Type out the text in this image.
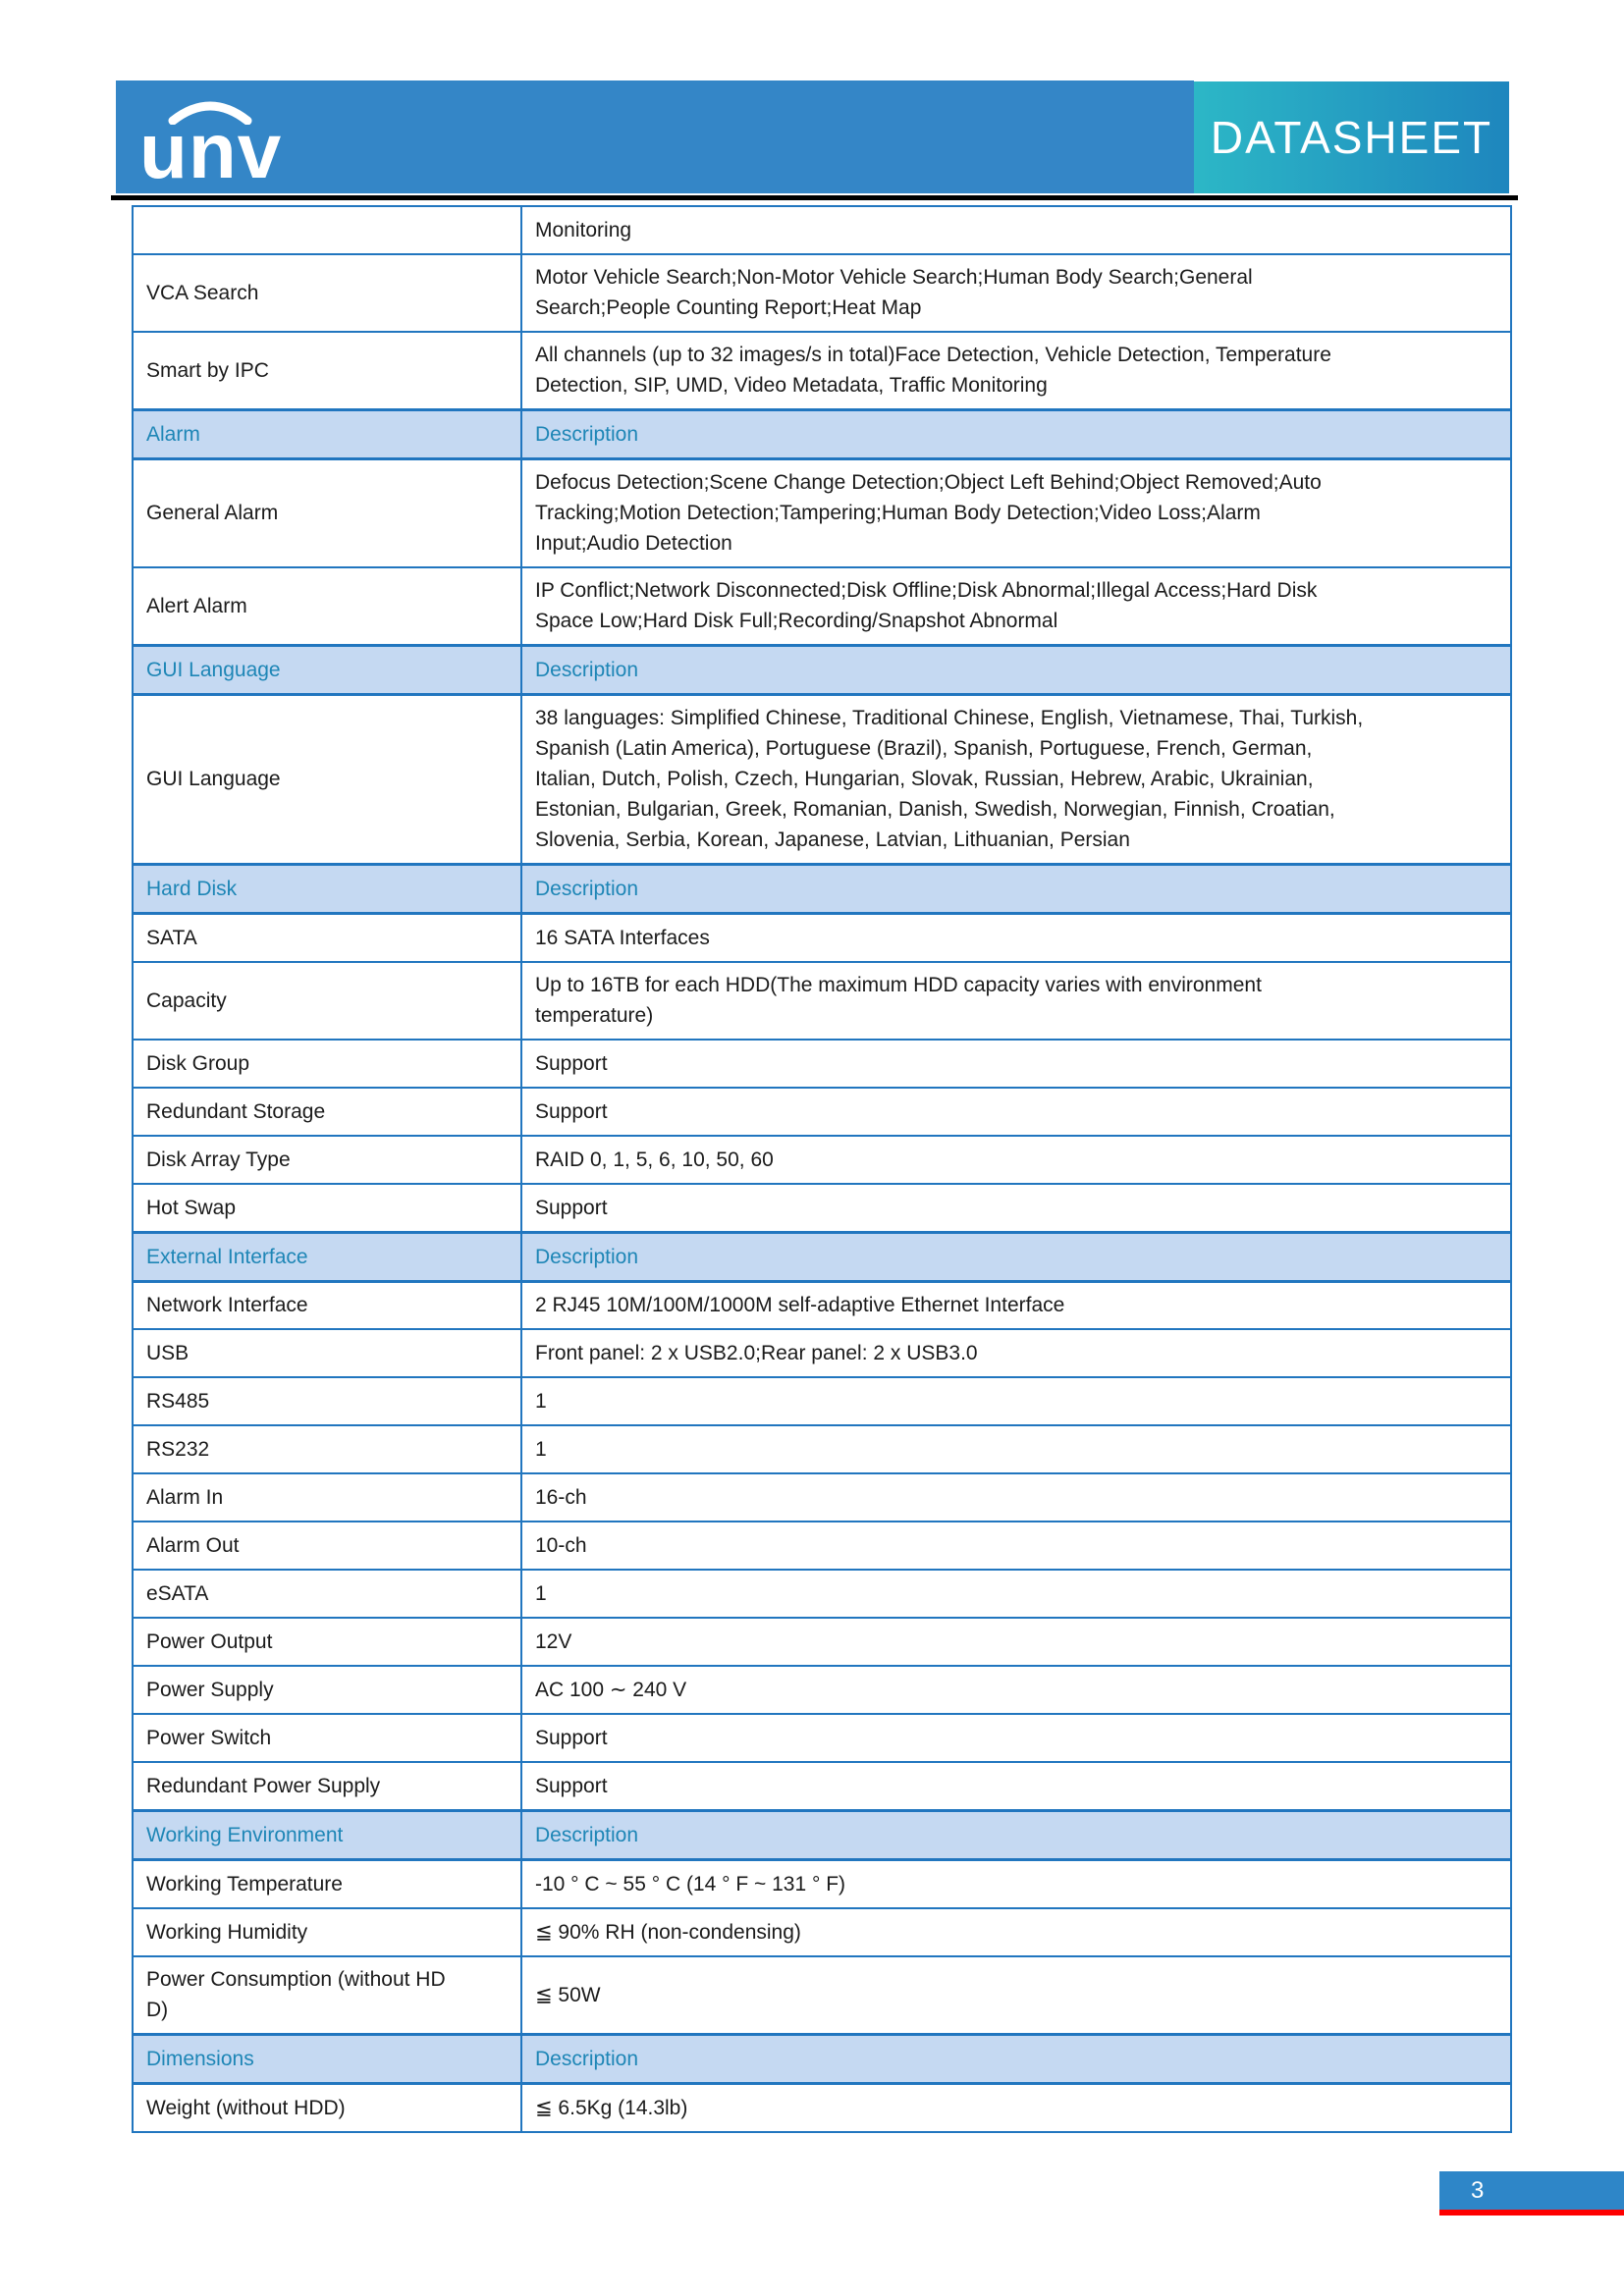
unv	DATASHEET
	Monitoring
VCA Search	Motor Vehicle Search;Non-Motor Vehicle Search;Human Body Search;General Search;People Counting Report;Heat Map
Smart by IPC	All channels (up to 32 images/s in total)Face Detection, Vehicle Detection, Temperature Detection, SIP, UMD, Video Metadata, Traffic Monitoring
Alarm	Description
General Alarm	Defocus Detection;Scene Change Detection;Object Left Behind;Object Removed;Auto Tracking;Motion Detection;Tampering;Human Body Detection;Video Loss;Alarm Input;Audio Detection
Alert Alarm	IP Conflict;Network Disconnected;Disk Offline;Disk Abnormal;Illegal Access;Hard Disk Space Low;Hard Disk Full;Recording/Snapshot Abnormal
GUI Language	Description
GUI Language	38 languages: Simplified Chinese, Traditional Chinese, English, Vietnamese, Thai, Turkish, Spanish (Latin America), Portuguese (Brazil), Spanish, Portuguese, French, German, Italian, Dutch, Polish, Czech, Hungarian, Slovak, Russian, Hebrew, Arabic, Ukrainian, Estonian, Bulgarian, Greek, Romanian, Danish, Swedish, Norwegian, Finnish, Croatian, Slovenia, Serbia, Korean, Japanese, Latvian, Lithuanian, Persian
Hard Disk	Description
SATA	16 SATA Interfaces
Capacity	Up to 16TB for each HDD(The maximum HDD capacity varies with environment temperature)
Disk Group	Support
Redundant Storage	Support
Disk Array Type	RAID 0, 1, 5, 6, 10, 50, 60
Hot Swap	Support
External Interface	Description
Network Interface	2 RJ45 10M/100M/1000M self-adaptive Ethernet Interface
USB	Front panel: 2 x USB2.0;Rear panel: 2 x USB3.0
RS485	1
RS232	1
Alarm In	16-ch
Alarm Out	10-ch
eSATA	1
Power Output	12V
Power Supply	AC 100 ∼ 240 V
Power Switch	Support
Redundant Power Supply	Support
Working Environment	Description
Working Temperature	-10 ° C ~ 55 ° C (14 ° F ~ 131 ° F)
Working Humidity	≦ 90% RH (non-condensing)
Power Consumption (without HDD)	≦ 50W
Dimensions	Description
Weight (without HDD)	≦ 6.5Kg (14.3lb)
3
